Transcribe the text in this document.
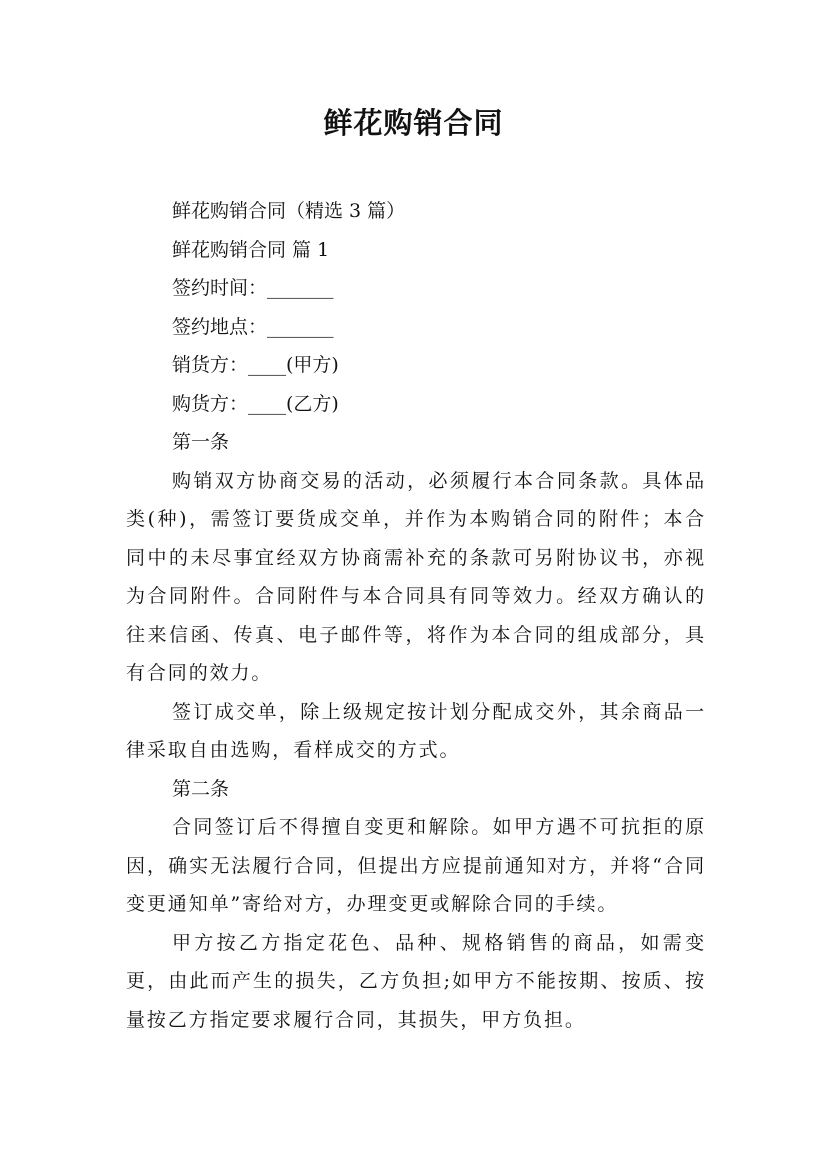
鲜花购销合同

鲜花购销合同（精选 3 篇）

鲜花购销合同 篇 1

签约时间：_______

签约地点：_______

销货方：____(甲方)

购货方：____(乙方)

第一条

购销双方协商交易的活动，必须履行本合同条款。具体品类(种)，需签订要货成交单，并作为本购销合同的附件；本合同中的未尽事宜经双方协商需补充的条款可另附协议书，亦视为合同附件。合同附件与本合同具有同等效力。经双方确认的往来信函、传真、电子邮件等，将作为本合同的组成部分，具有合同的效力。

签订成交单，除上级规定按计划分配成交外，其余商品一律采取自由选购，看样成交的方式。

第二条

合同签订后不得擅自变更和解除。如甲方遇不可抗拒的原因，确实无法履行合同，但提出方应提前通知对方，并将“合同变更通知单”寄给对方，办理变更或解除合同的手续。

甲方按乙方指定花色、品种、规格销售的商品，如需变更，由此而产生的损失，乙方负担;如甲方不能按期、按质、按量按乙方指定要求履行合同，其损失，甲方负担。
